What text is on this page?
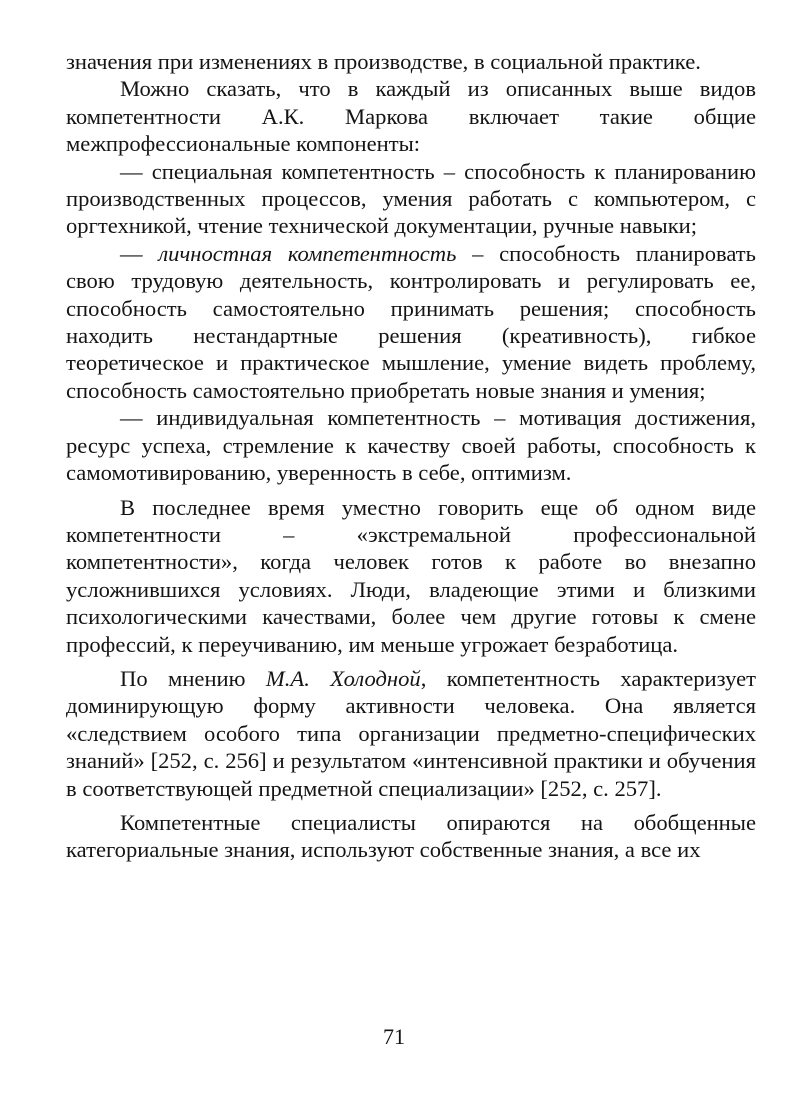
значения при изменениях в производстве, в социальной практике.

Можно сказать, что в каждый из описанных выше видов компетентности А.К. Маркова включает такие общие межпрофессиональные компоненты:

— специальная компетентность – способность к планированию производственных процессов, умения работать с компьютером, с оргтехникой, чтение технической документации, ручные навыки;

— личностная компетентность – способность планировать свою трудовую деятельность, контролировать и регулировать ее, способность самостоятельно принимать решения; способность находить нестандартные решения (креативность), гибкое теоретическое и практическое мышление, умение видеть проблему, способность самостоятельно приобретать новые знания и умения;

— индивидуальная компетентность – мотивация достижения, ресурс успеха, стремление к качеству своей работы, способность к самомотивированию, уверенность в себе, оптимизм.

В последнее время уместно говорить еще об одном виде компетентности – «экстремальной профессиональной компетентности», когда человек готов к работе во внезапно усложнившихся условиях. Люди, владеющие этими и близкими психологическими качествами, более чем другие готовы к смене профессий, к переучиванию, им меньше угрожает безработица.

По мнению М.А. Холодной, компетентность характеризует доминирующую форму активности человека. Она является «следствием особого типа организации предметно-специфических знаний» [252, с. 256] и результатом «интенсивной практики и обучения в соответствующей предметной специализации» [252, с. 257].

Компетентные специалисты опираются на обобщенные категориальные знания, используют собственные знания, а все их

71
